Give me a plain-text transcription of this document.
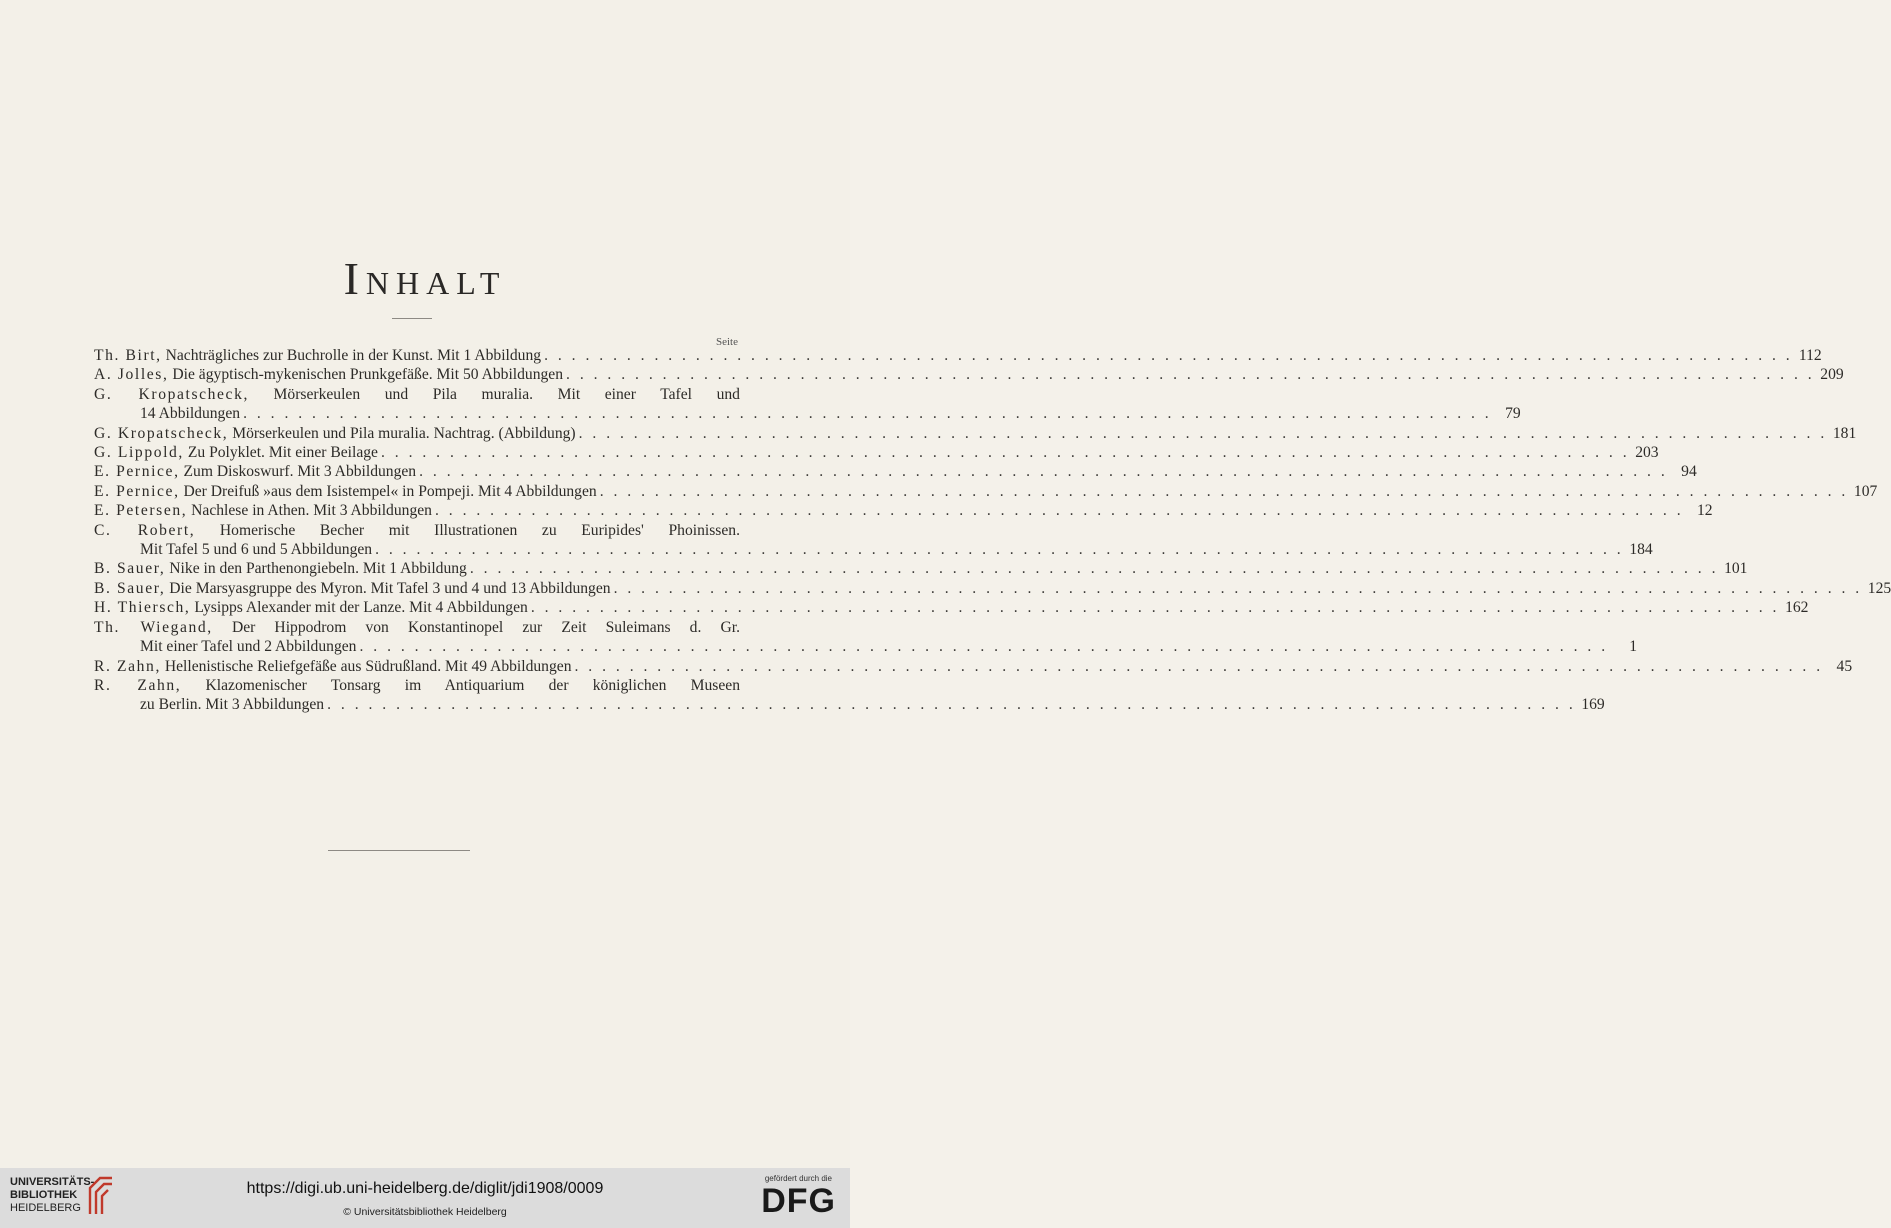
Inhalt
Seite
Th. Birt, Nachträgliches zur Buchrolle in der Kunst. Mit 1 Abbildung . . .	112
A. Jolles, Die ägyptisch-mykenischen Prunkgefäße. Mit 50 Abbildungen . . .	209
G. Kropatscheck, Mörserkeulen und Pila muralia. Mit einer Tafel und
14 Abbildungen . . .	79
G. Kropatscheck, Mörserkeulen und Pila muralia. Nachtrag. (Abbildung) . . .	181
G. Lippold, Zu Polyklet. Mit einer Beilage . . .	203
E. Pernice, Zum Diskoswurf. Mit 3 Abbildungen . . .	94
E. Pernice, Der Dreifuß »aus dem Isistempel« in Pompeji. Mit 4 Abbildungen . . .	107
E. Petersen, Nachlese in Athen. Mit 3 Abbildungen . . .	12
C. Robert, Homerische Becher mit Illustrationen zu Euripides' Phoinissen.
Mit Tafel 5 und 6 und 5 Abbildungen . . .	184
B. Sauer, Nike in den Parthenongiebeln. Mit 1 Abbildung . . .	101
B. Sauer, Die Marsyasgruppe des Myron. Mit Tafel 3 und 4 und 13 Abbildungen . . .	125
H. Thiersch, Lysipps Alexander mit der Lanze. Mit 4 Abbildungen . . .	162
Th. Wiegand, Der Hippodrom von Konstantinopel zur Zeit Suleimans d. Gr.
Mit einer Tafel und 2 Abbildungen . . .	1
R. Zahn, Hellenistische Reliefgefäße aus Südrußland. Mit 49 Abbildungen . . .	45
R. Zahn, Klazomenischer Tonsarg im Antiquarium der königlichen Museen
zu Berlin. Mit 3 Abbildungen . . .	169
UNIVERSITÄTS-
BIBLIOTHEK
HEIDELBERG
https://digi.ub.uni-heidelberg.de/diglit/jdi1908/0009
© Universitätsbibliothek Heidelberg
gefördert durch die
DFG
